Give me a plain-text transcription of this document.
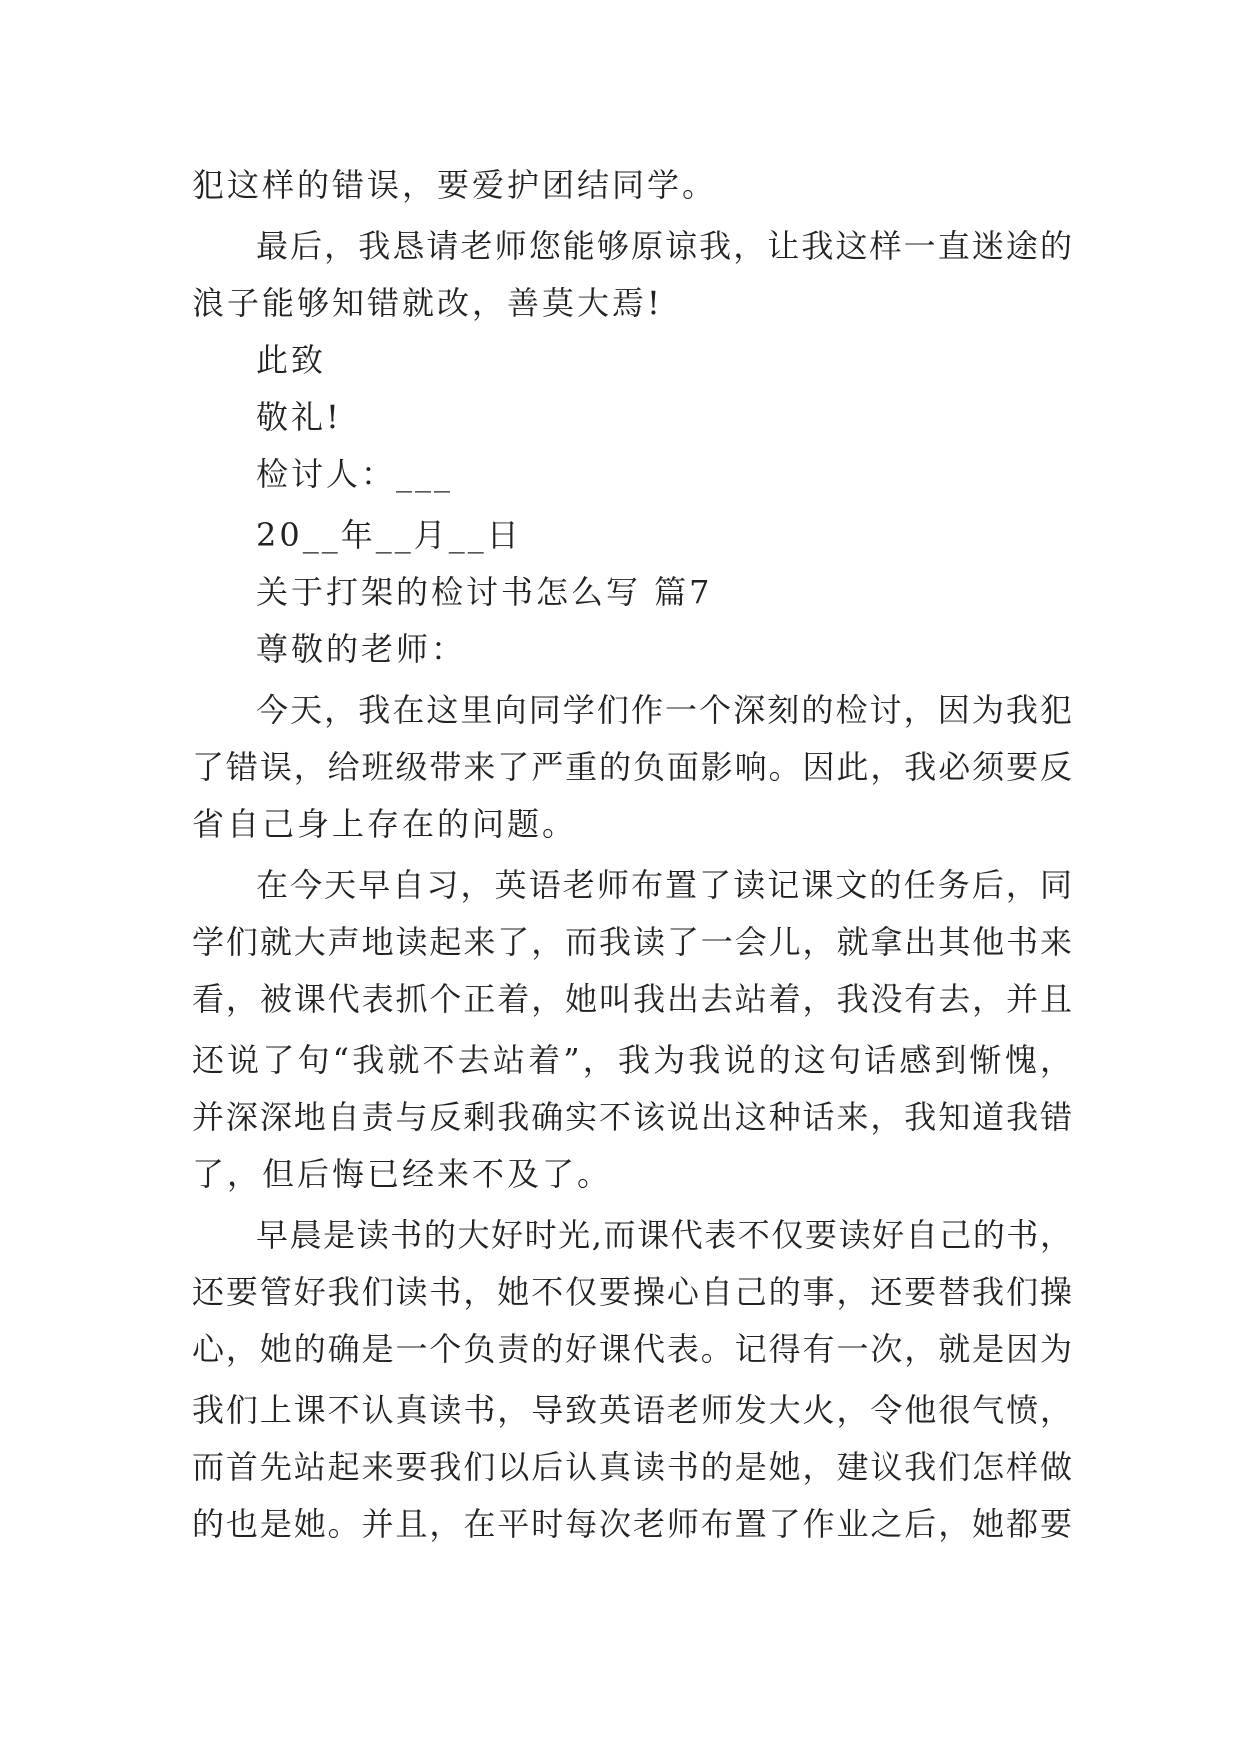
犯这样的错误，要爱护团结同学。
最后，我恳请老师您能够原谅我，让我这样一直迷途的
浪子能够知错就改，善莫大焉!
此致
敬礼!
检讨人：___
20__年__月__日
关于打架的检讨书怎么写 篇7
尊敬的老师：
今天，我在这里向同学们作一个深刻的检讨，因为我犯
了错误，给班级带来了严重的负面影响。因此，我必须要反
省自己身上存在的问题。
在今天早自习，英语老师布置了读记课文的任务后，同
学们就大声地读起来了，而我读了一会儿，就拿出其他书来
看，被课代表抓个正着，她叫我出去站着，我没有去，并且
还说了句“我就不去站着”，我为我说的这句话感到惭愧，
并深深地自责与反剩我确实不该说出这种话来，我知道我错
了，但后悔已经来不及了。
早晨是读书的大好时光,而课代表不仅要读好自己的书，
还要管好我们读书，她不仅要操心自己的事，还要替我们操
心，她的确是一个负责的好课代表。记得有一次，就是因为
我们上课不认真读书，导致英语老师发大火，令他很气愤，
而首先站起来要我们以后认真读书的是她，建议我们怎样做
的也是她。并且，在平时每次老师布置了作业之后，她都要
